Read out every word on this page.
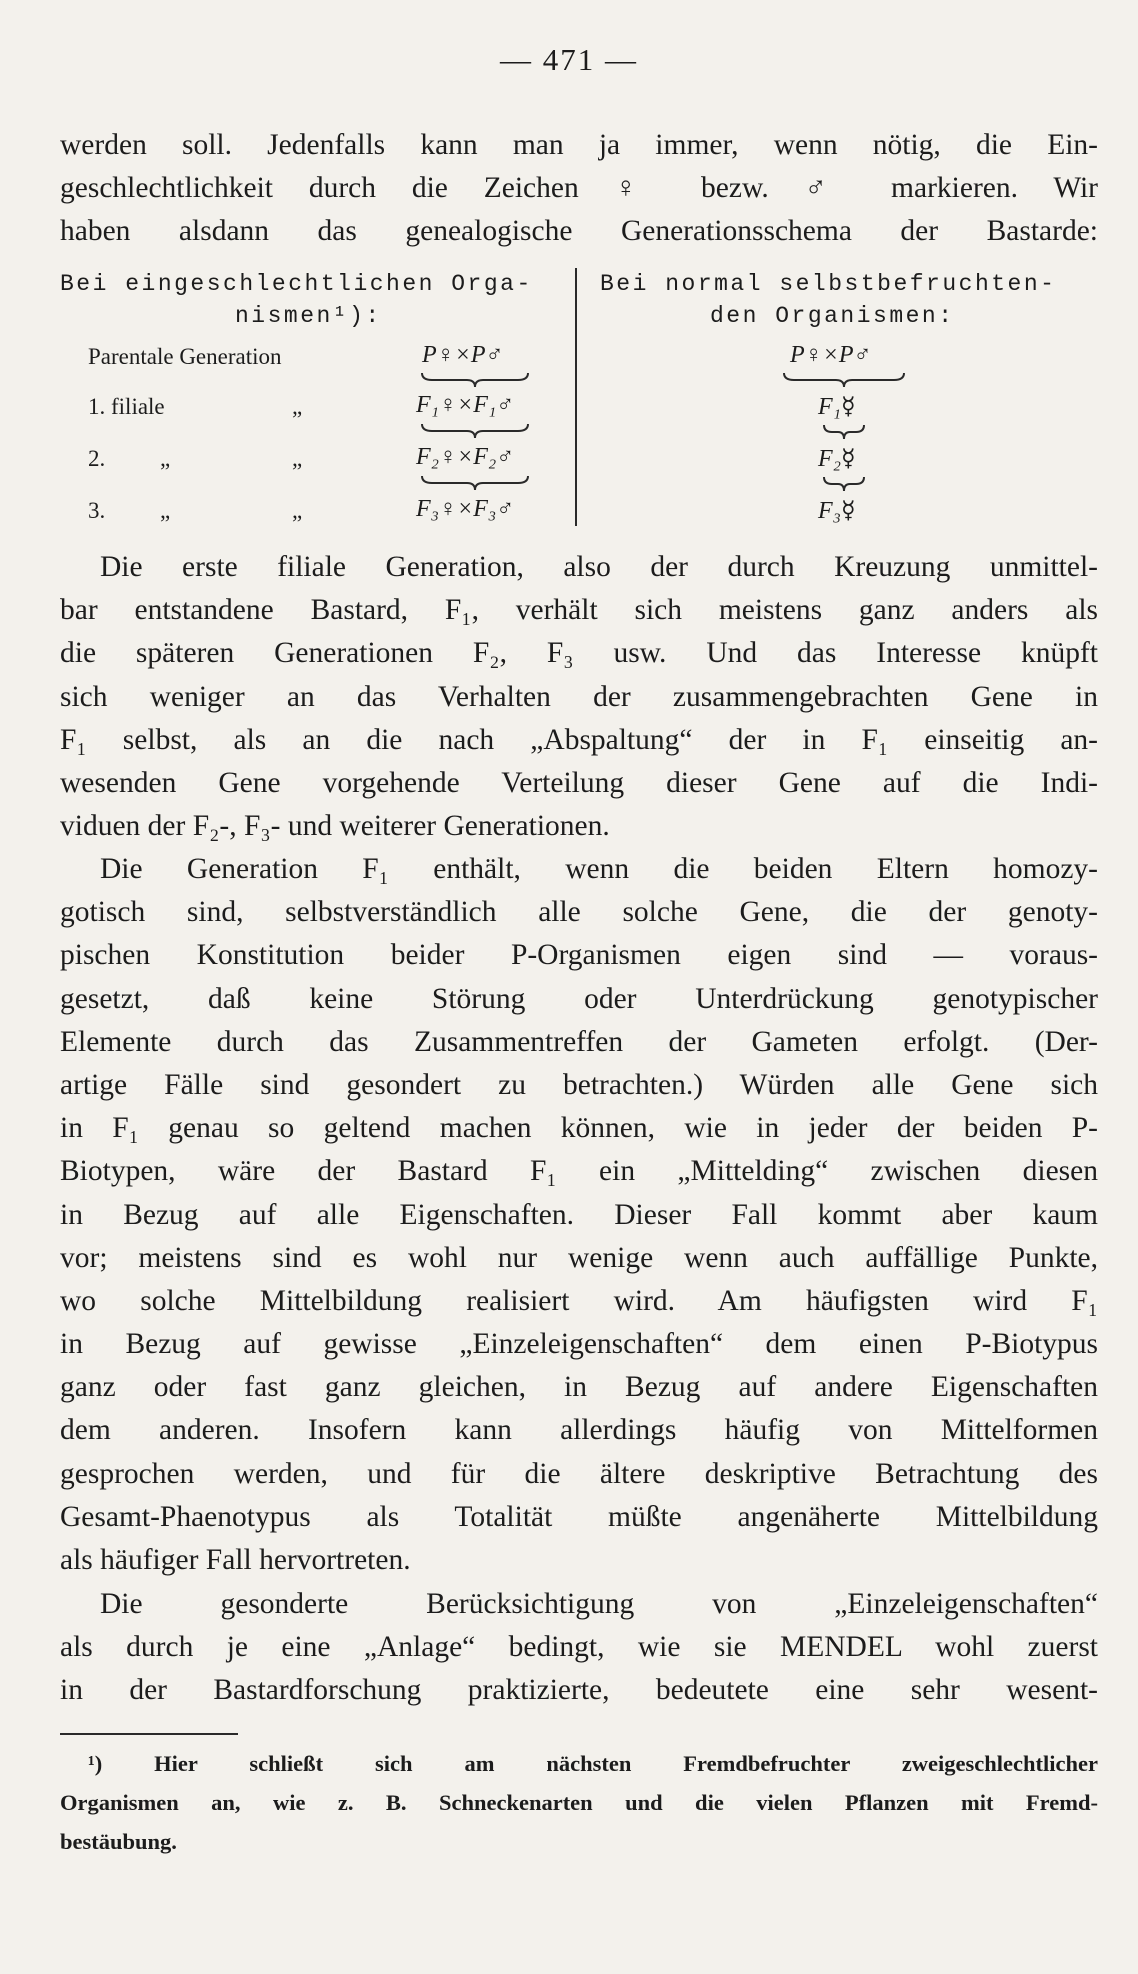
— 471 —
werden soll. Jedenfalls kann man ja immer, wenn nötig, die Ein-
geschlechtlichkeit durch die Zeichen ♀ bezw. ♂ markieren. Wir
haben alsdann das genealogische Generationsschema der Bastarde:
Bei eingeschlechtlichen Orga-
nismen¹):
Bei normal selbstbefruchten-
den Organismen:
Parentale Generation
1. filiale
2.
3.
„
„	„
„	„
P♀×P♂
F₁♀×F₁♂
F₂♀×F₂♂
F₃♀×F₃♂
P♀×P♂
F₁☿
F₂☿
F₃☿
Die erste filiale Generation, also der durch Kreuzung unmittel-
bar entstandene Bastard, F₁, verhält sich meistens ganz anders als
die späteren Generationen F₂, F₃ usw. Und das Interesse knüpft
sich weniger an das Verhalten der zusammengebrachten Gene in
F₁ selbst, als an die nach „Abspaltung“ der in F₁ einseitig an-
wesenden Gene vorgehende Verteilung dieser Gene auf die Indi-
viduen der F₂-, F₃- und weiterer Generationen.
Die Generation F₁ enthält, wenn die beiden Eltern homozy-
gotisch sind, selbstverständlich alle solche Gene, die der genoty-
pischen Konstitution beider P-Organismen eigen sind — voraus-
gesetzt, daß keine Störung oder Unterdrückung genotypischer
Elemente durch das Zusammentreffen der Gameten erfolgt. (Der-
artige Fälle sind gesondert zu betrachten.) Würden alle Gene sich
in F₁ genau so geltend machen können, wie in jeder der beiden P-
Biotypen, wäre der Bastard F₁ ein „Mittelding“ zwischen diesen
in Bezug auf alle Eigenschaften. Dieser Fall kommt aber kaum
vor; meistens sind es wohl nur wenige wenn auch auffällige Punkte,
wo solche Mittelbildung realisiert wird. Am häufigsten wird F₁
in Bezug auf gewisse „Einzeleigenschaften“ dem einen P-Biotypus
ganz oder fast ganz gleichen, in Bezug auf andere Eigenschaften
dem anderen. Insofern kann allerdings häufig von Mittelformen
gesprochen werden, und für die ältere deskriptive Betrachtung des
Gesamt-Phaenotypus als Totalität müßte angenäherte Mittelbildung
als häufiger Fall hervortreten.
Die gesonderte Berücksichtigung von „Einzeleigenschaften“
als durch je eine „Anlage“ bedingt, wie sie MENDEL wohl zuerst
in der Bastardforschung praktizierte, bedeutete eine sehr wesent-
¹) Hier schließt sich am nächsten Fremdbefruchter zweigeschlechtlicher
Organismen an, wie z. B. Schneckenarten und die vielen Pflanzen mit Fremd-
bestäubung.
